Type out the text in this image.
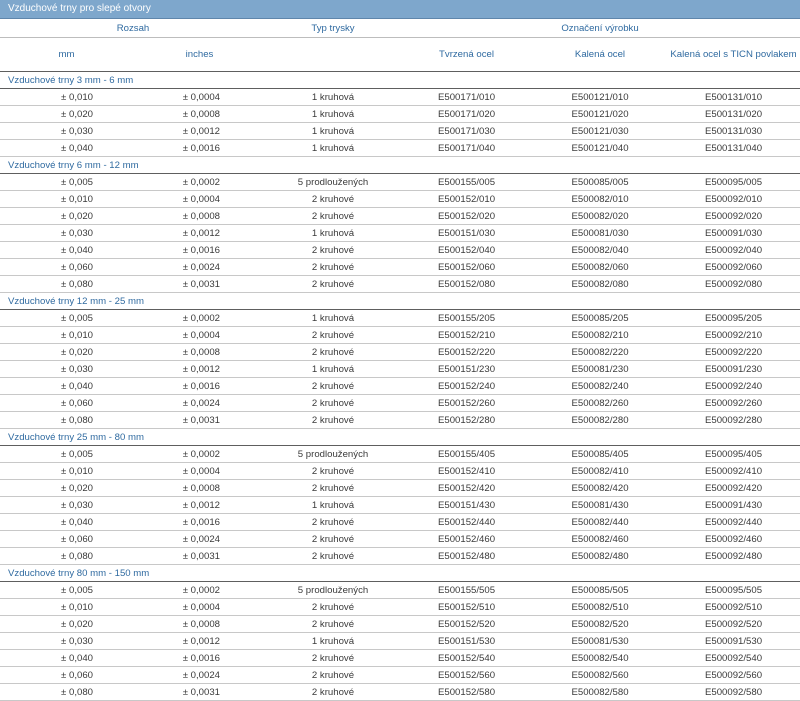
Vzduchové trny pro slepé otvory
Rozsah		Typ trysky	Označení výrobku		
mm	inches		Tvrzená ocel	Kalená ocel	Kalená ocel s TICN povlakem
Vzduchové trny 3 mm - 6 mm					
± 0,010	± 0,0004	1 kruhová	E500171/010	E500121/010	E500131/010
± 0,020	± 0,0008	1 kruhová	E500171/020	E500121/020	E500131/020
± 0,030	± 0,0012	1 kruhová	E500171/030	E500121/030	E500131/030
± 0,040	± 0,0016	1 kruhová	E500171/040	E500121/040	E500131/040
Vzduchové trny 6 mm - 12 mm					
± 0,005	± 0,0002	5 prodloužených	E500155/005	E500085/005	E500095/005
± 0,010	± 0,0004	2 kruhové	E500152/010	E500082/010	E500092/010
± 0,020	± 0,0008	2 kruhové	E500152/020	E500082/020	E500092/020
± 0,030	± 0,0012	1 kruhová	E500151/030	E500081/030	E500091/030
± 0,040	± 0,0016	2 kruhové	E500152/040	E500082/040	E500092/040
± 0,060	± 0,0024	2 kruhové	E500152/060	E500082/060	E500092/060
± 0,080	± 0,0031	2 kruhové	E500152/080	E500082/080	E500092/080
Vzduchové trny 12 mm - 25 mm					
± 0,005	± 0,0002	1 kruhová	E500155/205	E500085/205	E500095/205
± 0,010	± 0,0004	2 kruhové	E500152/210	E500082/210	E500092/210
± 0,020	± 0,0008	2 kruhové	E500152/220	E500082/220	E500092/220
± 0,030	± 0,0012	1 kruhová	E500151/230	E500081/230	E500091/230
± 0,040	± 0,0016	2 kruhové	E500152/240	E500082/240	E500092/240
± 0,060	± 0,0024	2 kruhové	E500152/260	E500082/260	E500092/260
± 0,080	± 0,0031	2 kruhové	E500152/280	E500082/280	E500092/280
Vzduchové trny 25 mm - 80 mm					
± 0,005	± 0,0002	5 prodloužených	E500155/405	E500085/405	E500095/405
± 0,010	± 0,0004	2 kruhové	E500152/410	E500082/410	E500092/410
± 0,020	± 0,0008	2 kruhové	E500152/420	E500082/420	E500092/420
± 0,030	± 0,0012	1 kruhová	E500151/430	E500081/430	E500091/430
± 0,040	± 0,0016	2 kruhové	E500152/440	E500082/440	E500092/440
± 0,060	± 0,0024	2 kruhové	E500152/460	E500082/460	E500092/460
± 0,080	± 0,0031	2 kruhové	E500152/480	E500082/480	E500092/480
Vzduchové trny 80 mm - 150 mm					
± 0,005	± 0,0002	5 prodloužených	E500155/505	E500085/505	E500095/505
± 0,010	± 0,0004	2 kruhové	E500152/510	E500082/510	E500092/510
± 0,020	± 0,0008	2 kruhové	E500152/520	E500082/520	E500092/520
± 0,030	± 0,0012	1 kruhová	E500151/530	E500081/530	E500091/530
± 0,040	± 0,0016	2 kruhové	E500152/540	E500082/540	E500092/540
± 0,060	± 0,0024	2 kruhové	E500152/560	E500082/560	E500092/560
± 0,080	± 0,0031	2 kruhové	E500152/580	E500082/580	E500092/580
